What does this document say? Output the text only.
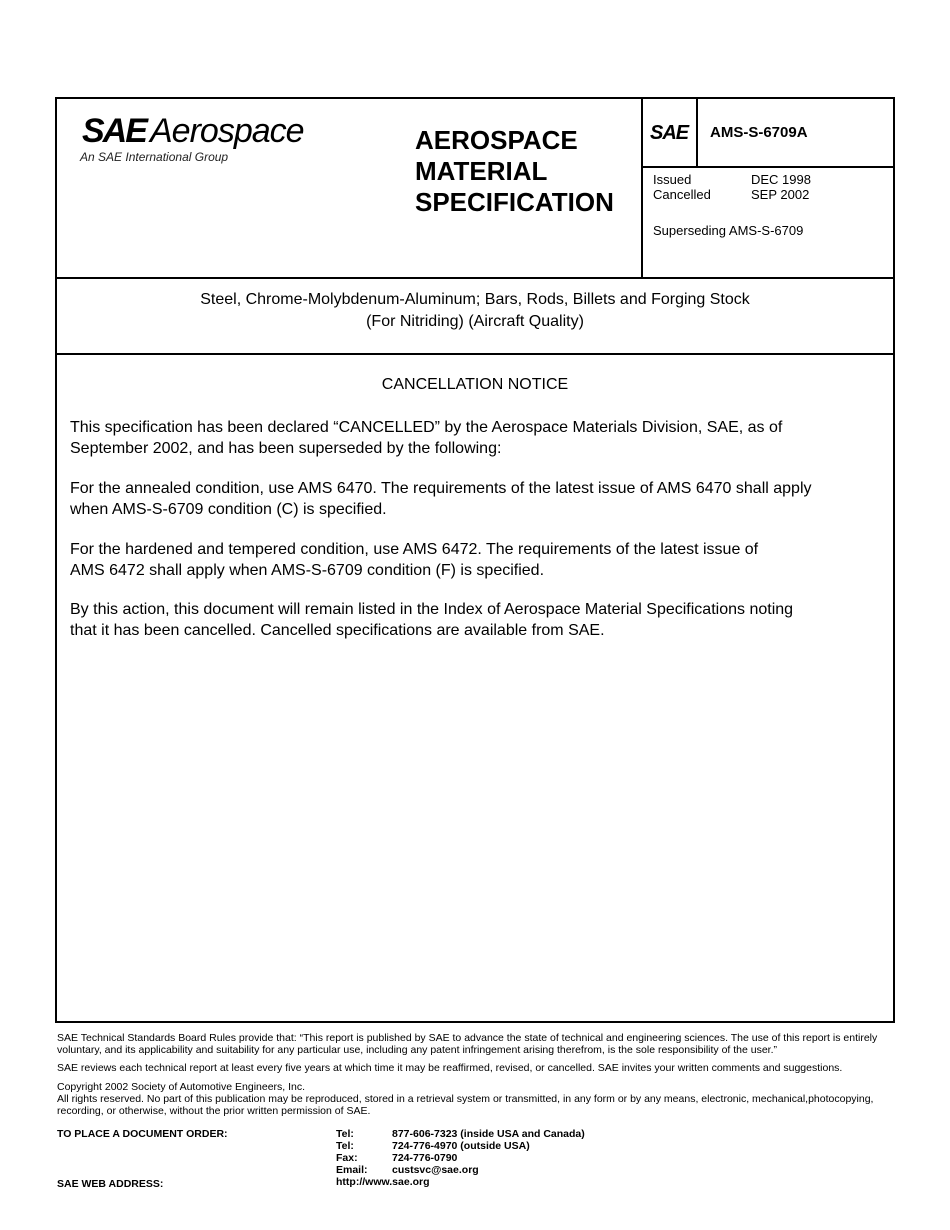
SAE Aerospace
An SAE International Group
AEROSPACE
MATERIAL
SPECIFICATION
SAE AMS-S-6709A
Issued	DEC 1998
Cancelled	SEP 2002
Superseding AMS-S-6709
Steel, Chrome-Molybdenum-Aluminum; Bars, Rods, Billets and Forging Stock
(For Nitriding) (Aircraft Quality)
CANCELLATION NOTICE
This specification has been declared “CANCELLED” by the Aerospace Materials Division, SAE, as of
September 2002, and has been superseded by the following:
For the annealed condition, use AMS 6470. The requirements of the latest issue of AMS 6470 shall apply
when AMS-S-6709 condition (C) is specified.
For the hardened and tempered condition, use AMS 6472. The requirements of the latest issue of
AMS 6472 shall apply when AMS-S-6709 condition (F) is specified.
By this action, this document will remain listed in the Index of Aerospace Material Specifications noting
that it has been cancelled. Cancelled specifications are available from SAE.
SAE Technical Standards Board Rules provide that: “This report is published by SAE to advance the state of technical and engineering sciences. The use of this report is entirely
voluntary, and its applicability and suitability for any particular use, including any patent infringement arising therefrom, is the sole responsibility of the user.”
SAE reviews each technical report at least every five years at which time it may be reaffirmed, revised, or cancelled. SAE invites your written comments and suggestions.
Copyright 2002 Society of Automotive Engineers, Inc.
All rights reserved. No part of this publication may be reproduced, stored in a retrieval system or transmitted, in any form or by any means, electronic, mechanical,photocopying,
recording, or otherwise, without the prior written permission of SAE.
TO PLACE A DOCUMENT ORDER:
SAE WEB ADDRESS:
Tel:	877-606-7323 (inside USA and Canada)
Tel:	724-776-4970 (outside USA)
Fax:	724-776-0790
Email: custsvc@sae.org
http://www.sae.org
